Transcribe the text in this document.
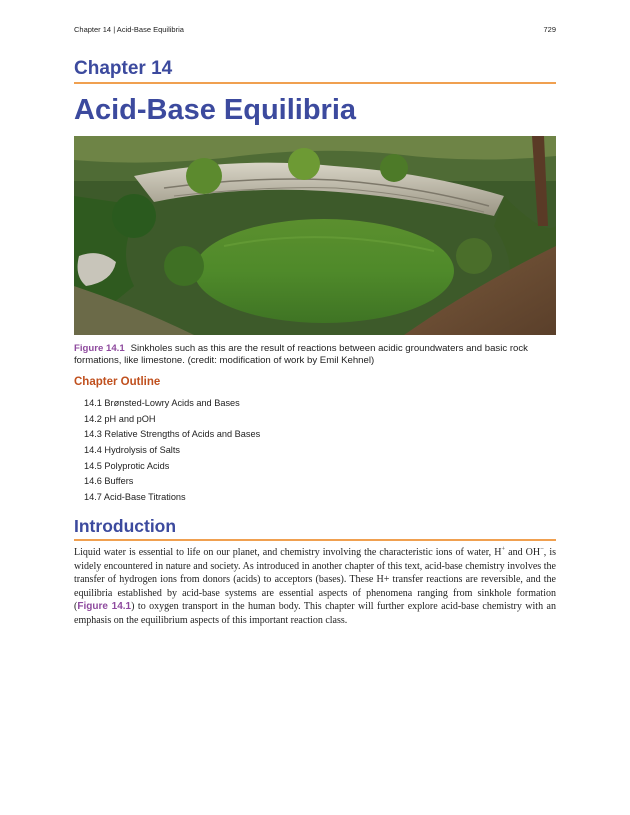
Chapter 14 | Acid-Base Equilibria	729
Chapter 14
Acid-Base Equilibria
Figure 14.1 Sinkholes such as this are the result of reactions between acidic groundwaters and basic rock formations, like limestone. (credit: modification of work by Emil Kehnel)
Chapter Outline
14.1 Brønsted-Lowry Acids and Bases
14.2 pH and pOH
14.3 Relative Strengths of Acids and Bases
14.4 Hydrolysis of Salts
14.5 Polyprotic Acids
14.6 Buffers
14.7 Acid-Base Titrations
Introduction
Liquid water is essential to life on our planet, and chemistry involving the characteristic ions of water, H+ and OH−, is widely encountered in nature and society. As introduced in another chapter of this text, acid-base chemistry involves the transfer of hydrogen ions from donors (acids) to acceptors (bases). These H+ transfer reactions are reversible, and the equilibria established by acid-base systems are essential aspects of phenomena ranging from sinkhole formation (Figure 14.1) to oxygen transport in the human body. This chapter will further explore acid-base chemistry with an emphasis on the equilibrium aspects of this important reaction class.
